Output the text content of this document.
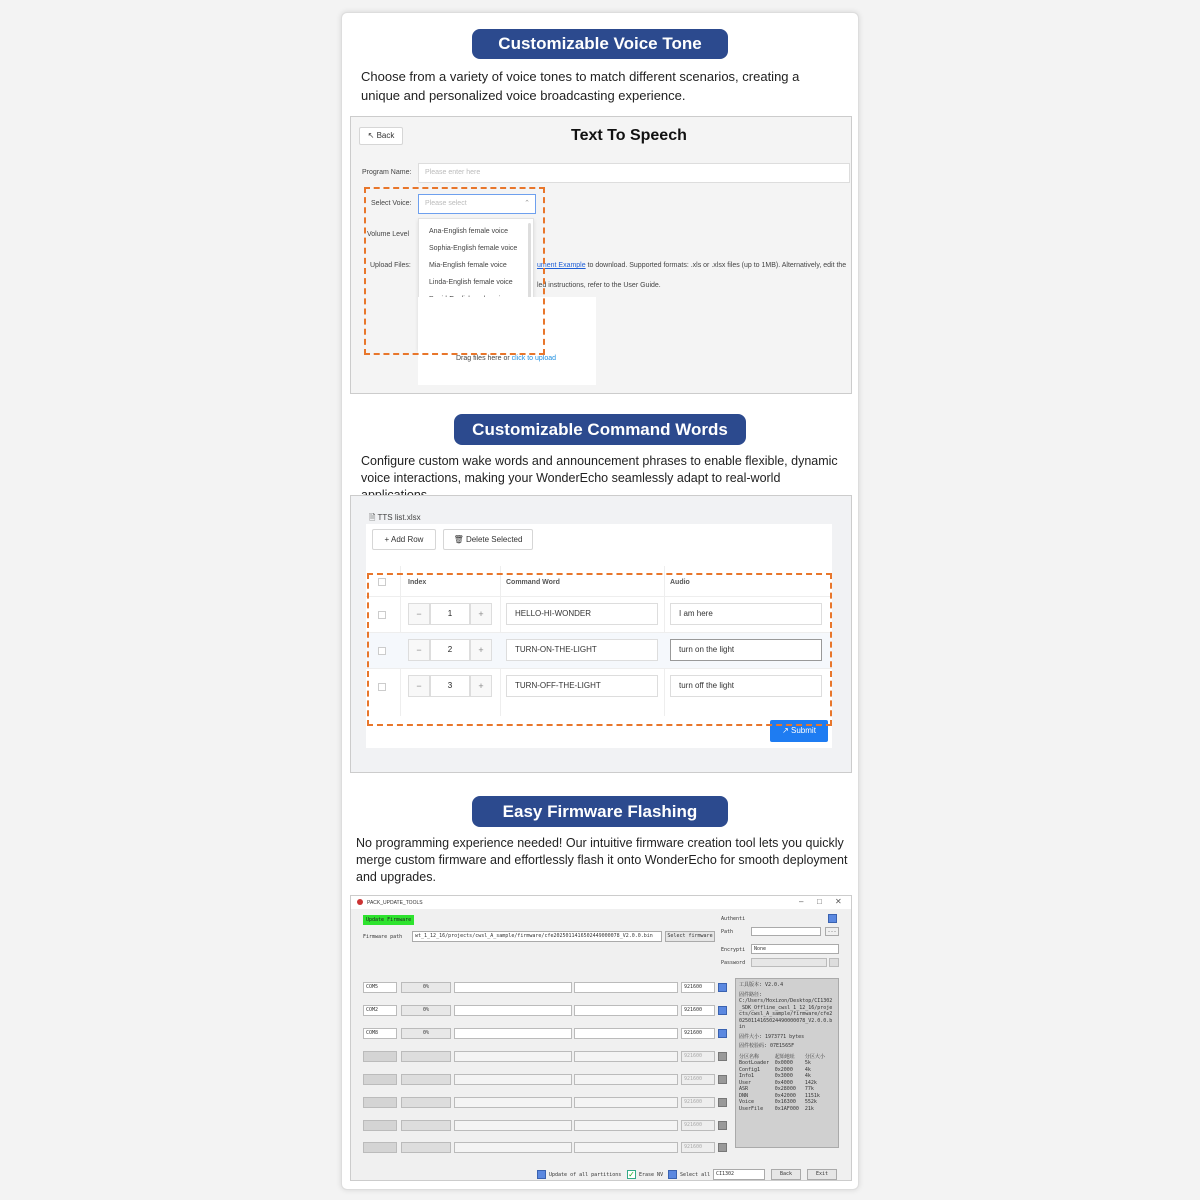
Customizable Voice Tone
Choose from a variety of voice tones to match different scenarios, creating a
unique and personalized voice broadcasting experience.
↖ Back	Text To Speech
Program Name:	Please enter here
Select Voice:	Please select	⌃
Volume Level
Upload Files:
Ana-English female voice
Sophia-English female voice
Mia-English female voice
Linda-English female voice
ument Example to download. Supported formats: .xls or .xlsx files (up to 1MB). Alternatively, edit the
led instructions, refer to the User Guide.
Drag files here or click to upload
Customizable Command Words
Configure custom wake words and announcement phrases to enable flexible, dynamic
voice interactions, making your WonderEcho seamlessly adapt to real-world
🗎 TTS list.xlsx
+ Add Row	🗑 Delete Selected
Index	Command Word	Audio
−	1	+	HELLO-HI-WONDER	I am here
−	2	+	TURN-ON-THE-LIGHT	turn on the light
−	3	+	TURN-OFF-THE-LIGHT	turn off the light
↗ Submit
Easy Firmware Flashing
No programming experience needed! Our intuitive firmware creation tool lets you quickly
merge custom firmware and effortlessly flash it onto WonderEcho for smooth deployment
and upgrades.
PACK_UPDATE_TOOLS	– □ ✕
Update Firmware
Firmware path	wt_1_12_16/projects/cwsl_A_sample/firmware/cfe2025011416502449000078_V2.0.0.bin	Select firmware
Authenti
Path	...
Encrypti	None
Password
COM5	0%	921600
COM2	0%	921600
COM8	0%	921600
921600
921600
921600
921600
921600
工具版本: V2.0.4
固件路径:
C:/Users/Hoxizon/Desktop/CI1302_SDK_Offline_cwsl_1_12_16/projects/cwsl_A_sample/firmware/cfe20250114165024490000078_V2.0.0.bin
固件大小: 1973771 bytes
固件校验码: 07E1565F
分区名称	起始地址	分区大小
BootLoader	0x0000	5k
Config1	0x2000	4k
Info1	0x3000	4k
User	0x4000	142k
ASR	0x28000	77k
DNN	0x42000	1151k
Voice	0x16300	552k
UserFile	0x1AF000	21k
Update of all partitions ✓ Erase NV	Select all	CI1302	Back	Exit
